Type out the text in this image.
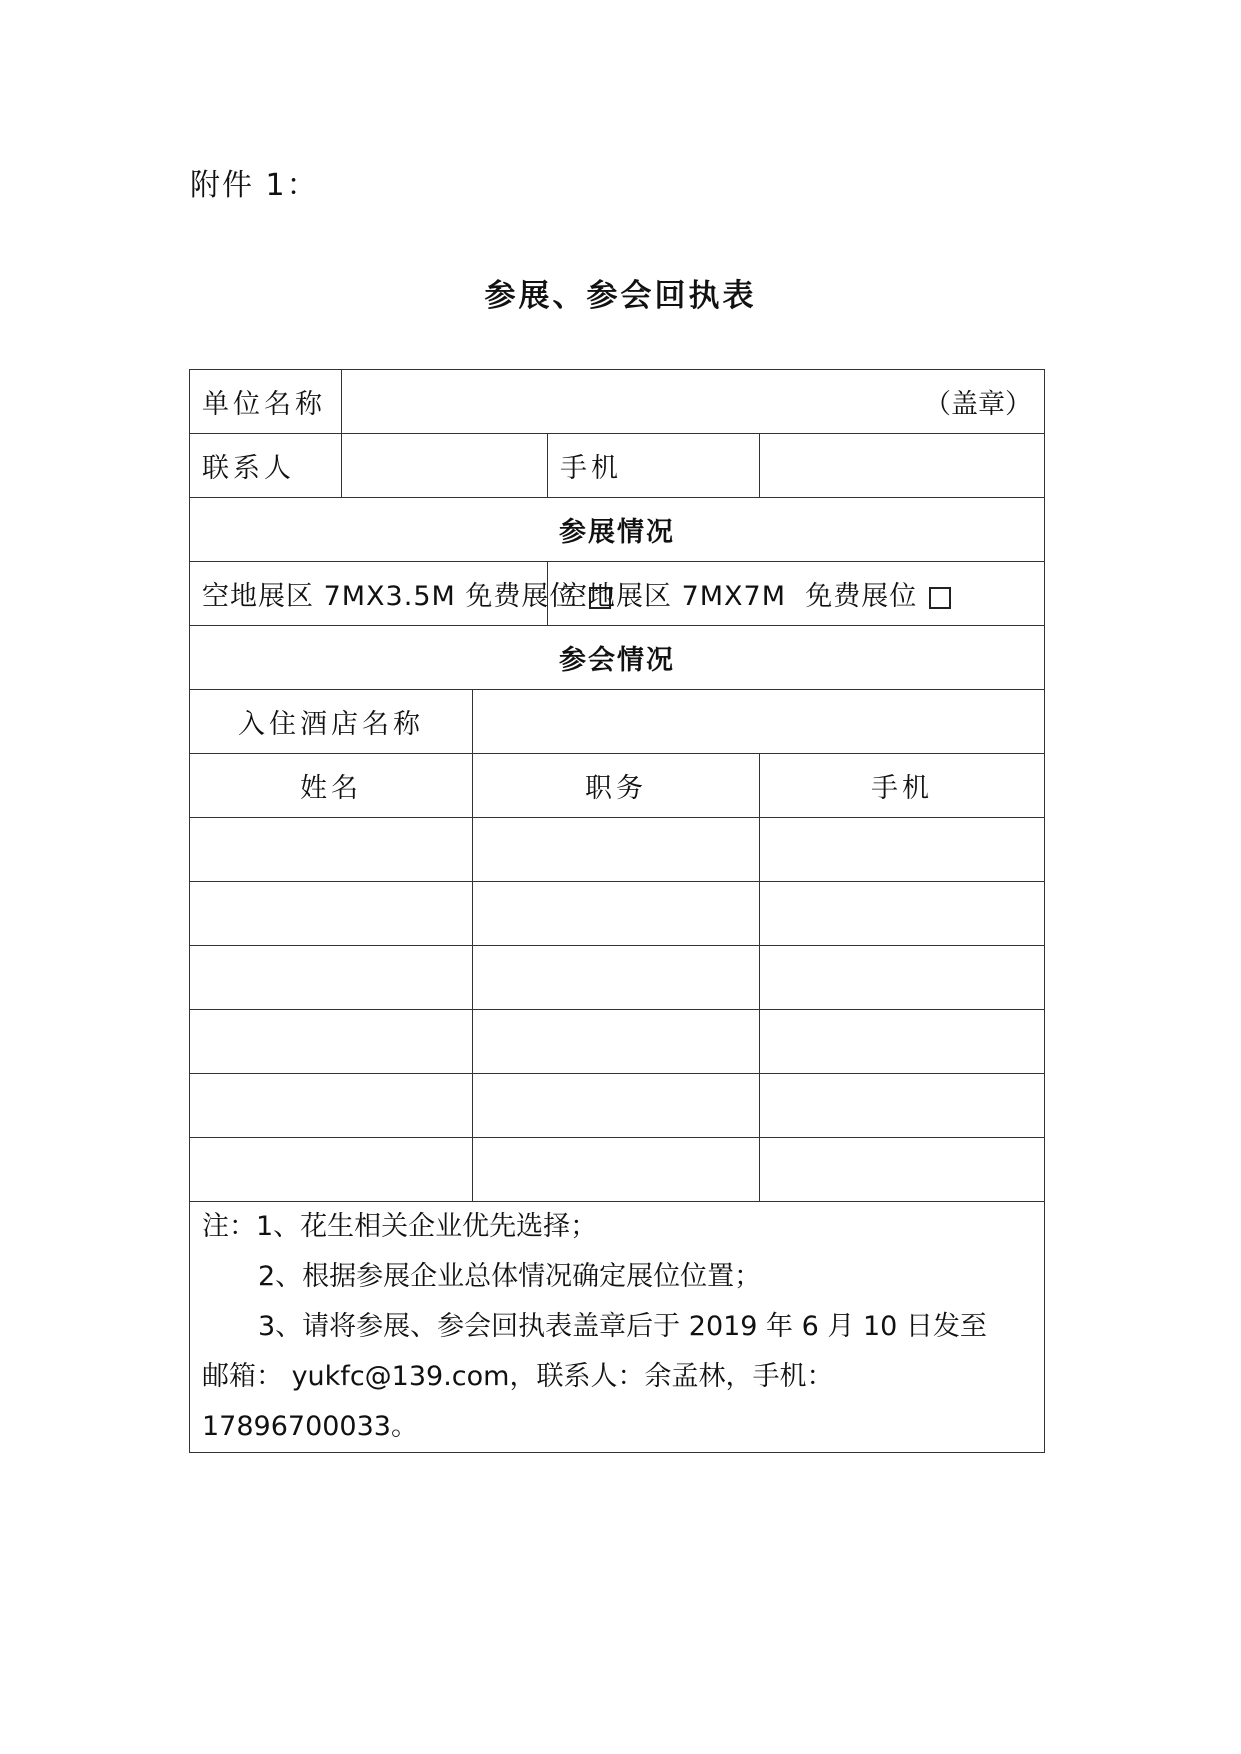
附件 1：
参展、参会回执表
单位名称	（盖章）			
联系人			手机	
参展情况				
空地展区 7MX3.5M 免费展位			空地展区 7MX7M  免费展位	
参会情况				
入住酒店名称				
姓名		职务		手机

注：1、花生相关企业优先选择；

2、根据参展企业总体情况确定展位位置；

3、请将参展、参会回执表盖章后于 2019 年 6 月 10 日发至

邮箱： yukfc@139.com，联系人：余孟林，手机：

17896700033。				
